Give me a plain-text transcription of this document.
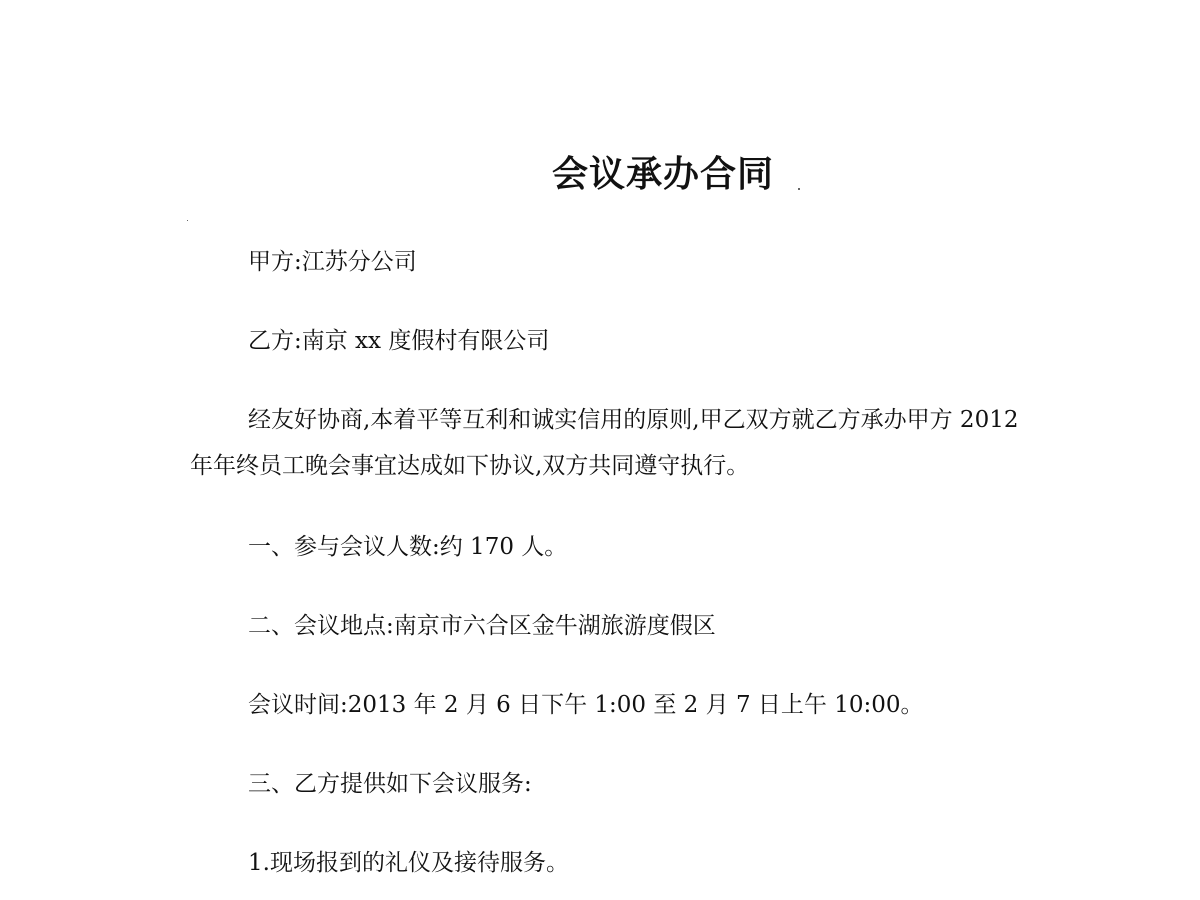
会议承办合同
甲方:江苏分公司
乙方:南京 xx 度假村有限公司
经友好协商,本着平等互利和诚实信用的原则,甲乙双方就乙方承办甲方 2012
年年终员工晚会事宜达成如下协议,双方共同遵守执行。
一、参与会议人数:约 170 人。
二、会议地点:南京市六合区金牛湖旅游度假区
会议时间:2013 年 2 月 6 日下午 1:00 至 2 月 7 日上午 10:00。
三、乙方提供如下会议服务:
1.现场报到的礼仪及接待服务。
